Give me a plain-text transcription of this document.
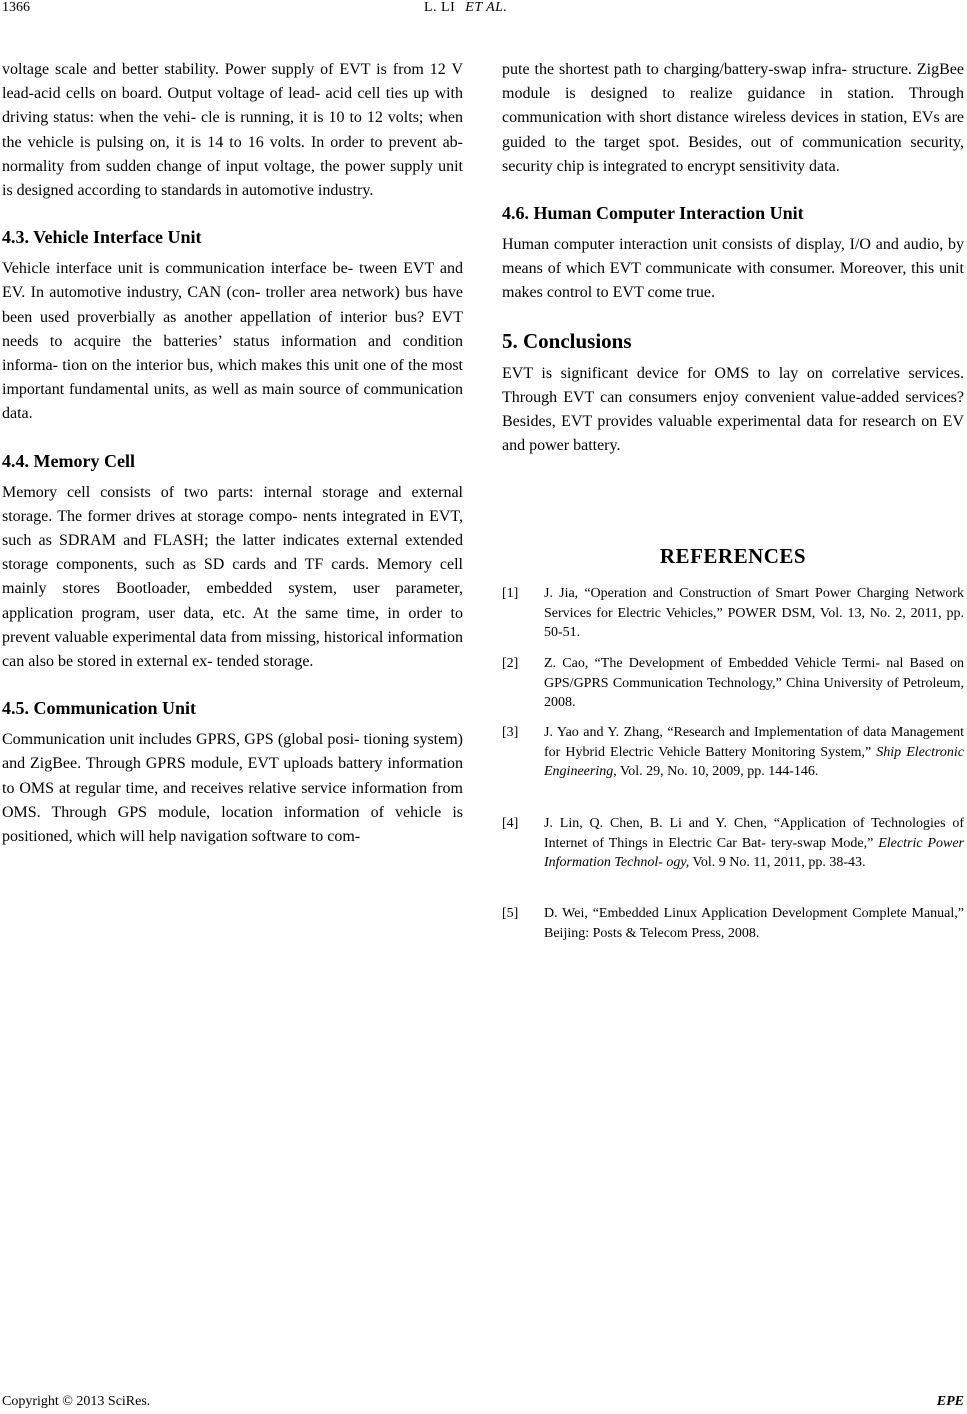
1366	L. LI ET AL.

voltage scale and better stability. Power supply of EVT is from 12 V lead-acid cells on board. Output voltage of lead- acid cell ties up with driving status: when the vehi- cle is running, it is 10 to 12 volts; when the vehicle is pulsing on, it is 14 to 16 volts. In order to prevent ab- normality from sudden change of input voltage, the power supply unit is designed according to standards in automotive industry.

4.3. Vehicle Interface Unit

Vehicle interface unit is communication interface be- tween EVT and EV. In automotive industry, CAN (con- troller area network) bus have been used proverbially as another appellation of interior bus? EVT needs to acquire the batteries’ status information and condition informa- tion on the interior bus, which makes this unit one of the most important fundamental units, as well as main source of communication data.

4.4. Memory Cell

Memory cell consists of two parts: internal storage and external storage. The former drives at storage compo- nents integrated in EVT, such as SDRAM and FLASH; the latter indicates external extended storage components, such as SD cards and TF cards. Memory cell mainly stores Bootloader, embedded system, user parameter, application program, user data, etc. At the same time, in order to prevent valuable experimental data from missing, historical information can also be stored in external ex- tended storage.

4.5. Communication Unit

Communication unit includes GPRS, GPS (global posi- tioning system) and ZigBee. Through GPRS module, EVT uploads battery information to OMS at regular time, and receives relative service information from OMS. Through GPS module, location information of vehicle is positioned, which will help navigation software to com-

pute the shortest path to charging/battery-swap infra- structure. ZigBee module is designed to realize guidance in station. Through communication with short distance wireless devices in station, EVs are guided to the target spot. Besides, out of communication security, security chip is integrated to encrypt sensitivity data.

4.6. Human Computer Interaction Unit

Human computer interaction unit consists of display, I/O and audio, by means of which EVT communicate with consumer. Moreover, this unit makes control to EVT come true.

5. Conclusions

EVT is significant device for OMS to lay on correlative services. Through EVT can consumers enjoy convenient value-added services? Besides, EVT provides valuable experimental data for research on EV and power battery.

REFERENCES
[1]	J. Jia, “Operation and Construction of Smart Power Charging Network Services for Electric Vehicles,” POWER DSM, Vol. 13, No. 2, 2011, pp. 50-51.
[2]	Z. Cao, “The Development of Embedded Vehicle Termi- nal Based on GPS/GPRS Communication Technology,” China University of Petroleum, 2008.
[3]	J. Yao and Y. Zhang, “Research and Implementation of data Management for Hybrid Electric Vehicle Battery Monitoring System,” Ship Electronic Engineering, Vol. 29, No. 10, 2009, pp. 144-146.
[4]	J. Lin, Q. Chen, B. Li and Y. Chen, “Application of Technologies of Internet of Things in Electric Car Bat- tery-swap Mode,” Electric Power Information Technol- ogy, Vol. 9 No. 11, 2011, pp. 38-43.
[5]	D. Wei, “Embedded Linux Application Development Complete Manual,” Beijing: Posts & Telecom Press, 2008.
Copyright © 2013 SciRes.	EPE
